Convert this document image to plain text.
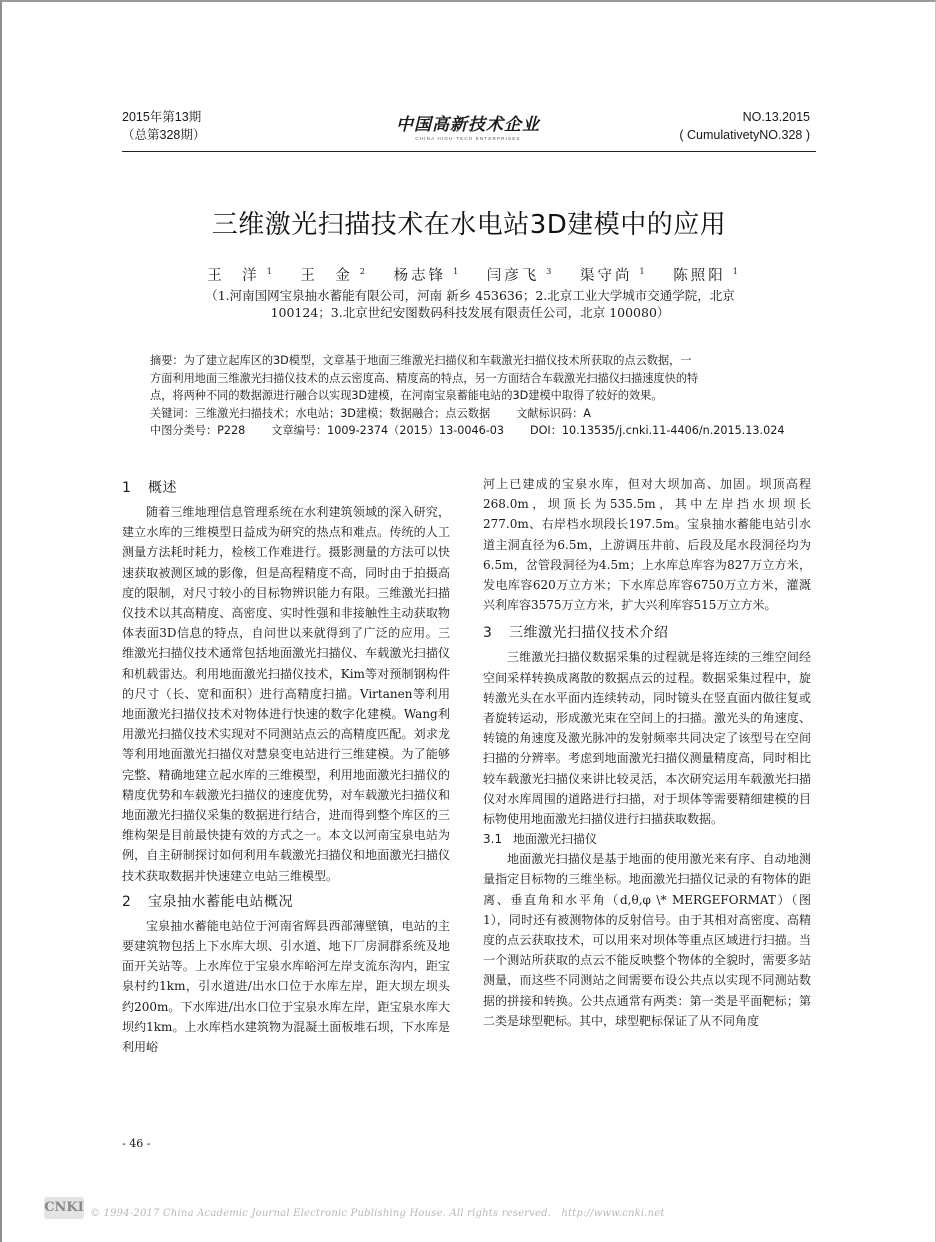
2015年第13期
（总第328期）	中国高新技术企业
CHINA HIGH-TECH ENTERPRISES
NO.13.2015
( CumulativetyNO.328 )
三维激光扫描技术在水电站3D建模中的应用
王　洋 $^1$ 王　金 $^2$ 杨志锋 $^1$ 闫彦飞 $^3$ 渠守尚 $^1$ 陈照阳 $^1$
（1.河南国网宝泉抽水蓄能有限公司，河南 新乡 453636；2.北京工业大学城市交通学院，北京
100124；3.北京世纪安图数码科技发展有限责任公司，北京 100080）

摘要：为了建立起库区的3D模型，文章基于地面三维激光扫描仪和车载激光扫描仪技术所获取的点云数据，一

方面利用地面三维激光扫描仪技术的点云密度高、精度高的特点，另一方面结合车载激光扫描仪扫描速度快的特

点，将两种不同的数据源进行融合以实现3D建模，在河南宝泉蓄能电站的3D建模中取得了较好的效果。

关键词：三维激光扫描技术；水电站；3D建模；数据融合；点云数据 文献标识码：A

中图分类号：P228 文章编号：1009-2374（2015）13-0046-03 DOI：10.13535/j.cnki.11-4406/n.2015.13.024

1 概述

随着三维地理信息管理系统在水利建筑领域的深入研究，建立水库的三维模型日益成为研究的热点和难点。传统的人工测量方法耗时耗力，检核工作难进行。摄影测量的方法可以快速获取被测区域的影像，但是高程精度不高，同时由于拍摄高度的限制，对尺寸较小的目标物辨识能力有限。三维激光扫描仪技术以其高精度、高密度、实时性强和非接触性主动获取物体表面3D信息的特点，自问世以来就得到了广泛的应用。三维激光扫描仪技术通常包括地面激光扫描仪、车载激光扫描仪和机载雷达。利用地面激光扫描仪技术，Kim等对预制钢构件的尺寸（长、宽和面积）进行高精度扫描。Virtanen等利用地面激光扫描仪技术对物体进行快速的数字化建模。Wang利用激光扫描仪技术实现对不同测站点云的高精度匹配。刘求龙等利用地面激光扫描仪对慧泉变电站进行三维建模。为了能够完整、精确地建立起水库的三维模型，利用地面激光扫描仪的精度优势和车载激光扫描仪的速度优势，对车载激光扫描仪和地面激光扫描仪采集的数据进行结合，进而得到整个库区的三维构架是目前最快捷有效的方式之一。本文以河南宝泉电站为例，自主研制探讨如何利用车载激光扫描仪和地面激光扫描仪技术获取数据并快速建立电站三维模型。

2 宝泉抽水蓄能电站概况

宝泉抽水蓄能电站位于河南省辉县西部薄壁镇，电站的主要建筑物包括上下水库大坝、引水道、地下厂房洞群系统及地面开关站等。上水库位于宝泉水库峪河左岸支流东沟内，距宝泉村约1km，引水道进/出水口位于水库左岸，距大坝左坝头约200m。下水库进/出水口位于宝泉水库左岸，距宝泉水库大坝约1km。上水库档水建筑物为混凝土面板堆石坝，下水库是利用峪

河上已建成的宝泉水库，但对大坝加高、加固。坝顶高程268.0m，坝顶长为535.5m，其中左岸挡水坝坝长277.0m、右岸档水坝段长197.5m。宝泉抽水蓄能电站引水道主洞直径为6.5m，上游调压井前、后段及尾水段洞径均为6.5m，岔管段洞径为4.5m；上水库总库容为827万立方米，发电库容620万立方米；下水库总库容6750万立方米，灌溉兴利库容3575万立方米，扩大兴利库容515万立方米。

3 三维激光扫描仪技术介绍

三维激光扫描仪数据采集的过程就是将连续的三维空间经空间采样转换成离散的数据点云的过程。数据采集过程中，旋转激光头在水平面内连续转动，同时镜头在竖直面内做往复或者旋转运动，形成激光束在空间上的扫描。激光头的角速度、转镜的角速度及激光脉冲的发射频率共同决定了该型号在空间扫描的分辨率。考虑到地面激光扫描仪测量精度高，同时相比较车载激光扫描仪来讲比较灵活，本次研究运用车载激光扫描仪对水库周围的道路进行扫描，对于坝体等需要精细建模的目标物使用地面激光扫描仪进行扫描获取数据。

3.1 地面激光扫描仪

地面激光扫描仪是基于地面的使用激光来有序、自动地测量指定目标物的三维坐标。地面激光扫描仪记录的有物体的距离、垂直角和水平角（d,θ,φ \* MERGEFORMAT）（图1），同时还有被测物体的反射信号。由于其相对高密度、高精度的点云获取技术，可以用来对坝体等重点区域进行扫描。当一个测站所获取的点云不能反映整个物体的全貌时，需要多站测量，而这些不同测站之间需要布设公共点以实现不同测站数据的拼接和转换。公共点通常有两类：第一类是平面靶标；第二类是球型靶标。其中，球型靶标保证了从不同角度

- 46 -
CNKI © 1994-2017 China Academic Journal Electronic Publishing House. All rights reserved.　http://www.cnki.net
